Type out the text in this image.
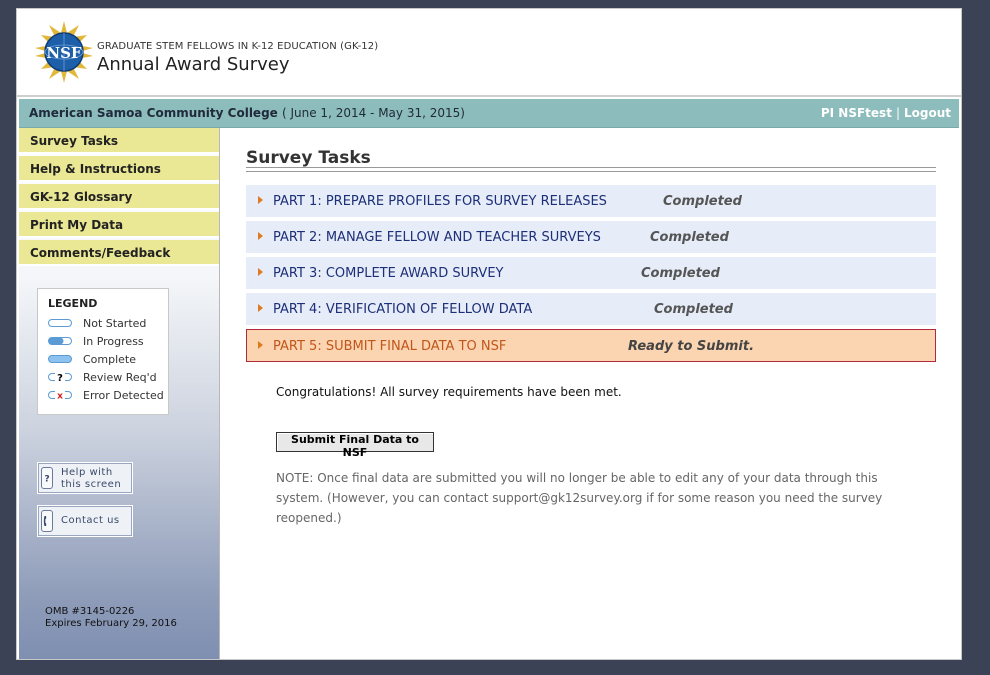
NSF GRADUATE STEM FELLOWS IN K-12 EDUCATION (GK-12)
Annual Award Survey
American Samoa Community College ( June 1, 2014 - May 31, 2015)	PI NSFtest | Logout
Survey Tasks
Help & Instructions
GK-12 Glossary
Print My Data
Comments/Feedback
LEGEND
Not Started
In Progress
Complete
? Review Req'd
x Error Detected
?
Help with
this screen
Contact us
OMB #3145-0226
Expires February 29, 2016
Survey Tasks
PART 1: PREPARE PROFILES FOR SURVEY RELEASES	Completed
PART 2: MANAGE FELLOW AND TEACHER SURVEYS	Completed
PART 3: COMPLETE AWARD SURVEY	Completed
PART 4: VERIFICATION OF FELLOW DATA	Completed
PART 5: SUBMIT FINAL DATA TO NSF	Ready to Submit.
Congratulations! All survey requirements have been met.
Submit Final Data to NSF
NOTE: Once final data are submitted you will no longer be able to edit any of your data through this system. (However, you can contact support@gk12survey.org if for some reason you need the survey reopened.)
